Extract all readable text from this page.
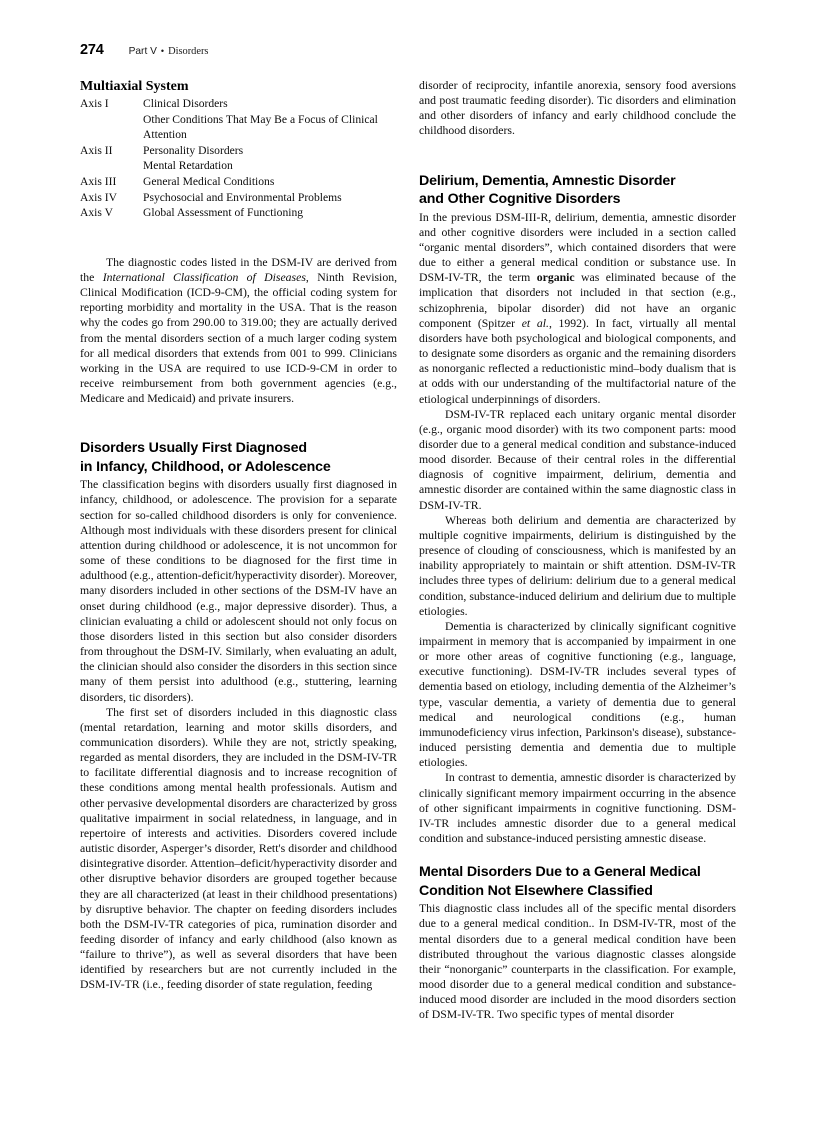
274 Part V • Disorders
Multiaxial System
Axis I	Clinical Disorders
Other Conditions That May Be a Focus of Clinical
Attention
Axis II	Personality Disorders
Mental Retardation
Axis III	General Medical Conditions
Axis IV	Psychosocial and Environmental Problems
Axis V	Global Assessment of Functioning

The diagnostic codes listed in the DSM-IV are derived from the International Classification of Diseases, Ninth Revision, Clinical Modification (ICD-9-CM), the official coding system for reporting morbidity and mortality in the USA. That is the reason why the codes go from 290.00 to 319.00; they are actually derived from the mental disorders section of a much larger coding system for all medical disorders that extends from 001 to 999. Clinicians working in the USA are required to use ICD-9-CM in order to receive reimbursement from both government agencies (e.g., Medicare and Medicaid) and private insurers.

Disorders Usually First Diagnosed
in Infancy, Childhood, or Adolescence

The classification begins with disorders usually first diagnosed in infancy, childhood, or adolescence. The provision for a separate section for so-called childhood disorders is only for convenience. Although most individuals with these disorders present for clinical attention during childhood or adolescence, it is not uncommon for some of these conditions to be diagnosed for the first time in adulthood (e.g., attention-deficit/hyperactivity disorder). Moreover, many disorders included in other sections of the DSM-IV have an onset during childhood (e.g., major depressive disorder). Thus, a clinician evaluating a child or adolescent should not only focus on those disorders listed in this section but also consider disorders from throughout the DSM-IV. Similarly, when evaluating an adult, the clinician should also consider the disorders in this section since many of them persist into adulthood (e.g., stuttering, learning disorders, tic disorders).

The first set of disorders included in this diagnostic class (mental retardation, learning and motor skills disorders, and communication disorders). While they are not, strictly speaking, regarded as mental disorders, they are included in the DSM-IV-TR to facilitate differential diagnosis and to increase recognition of these conditions among mental health professionals. Autism and other pervasive developmental disorders are characterized by gross qualitative impairment in social relatedness, in language, and in repertoire of interests and activities. Disorders covered include autistic disorder, Asperger’s disorder, Rett's disorder and childhood disintegrative disorder. Attention–deficit/hyperactivity disorder and other disruptive behavior disorders are grouped together because they are all characterized (at least in their childhood presentations) by disruptive behavior. The chapter on feeding disorders includes both the DSM-IV-TR categories of pica, rumination disorder and feeding disorder of infancy and early childhood (also known as “failure to thrive”), as well as several disorders that have been identified by researchers but are not currently included in the DSM-IV-TR (i.e., feeding disorder of state regulation, feeding

disorder of reciprocity, infantile anorexia, sensory food aversions and post traumatic feeding disorder). Tic disorders and elimination and other disorders of infancy and early childhood conclude the childhood disorders.

Delirium, Dementia, Amnestic Disorder
and Other Cognitive Disorders

In the previous DSM-III-R, delirium, dementia, amnestic disorder and other cognitive disorders were included in a section called “organic mental disorders”, which contained disorders that were due to either a general medical condition or substance use. In DSM-IV-TR, the term organic was eliminated because of the implication that disorders not included in that section (e.g., schizophrenia, bipolar disorder) did not have an organic component (Spitzer et al., 1992). In fact, virtually all mental disorders have both psychological and biological components, and to designate some disorders as organic and the remaining disorders as nonorganic reflected a reductionistic mind–body dualism that is at odds with our understanding of the multifactorial nature of the etiological underpinnings of disorders.

DSM-IV-TR replaced each unitary organic mental disorder (e.g., organic mood disorder) with its two component parts: mood disorder due to a general medical condition and substance-induced mood disorder. Because of their central roles in the differential diagnosis of cognitive impairment, delirium, dementia and amnestic disorder are contained within the same diagnostic class in DSM-IV-TR.

Whereas both delirium and dementia are characterized by multiple cognitive impairments, delirium is distinguished by the presence of clouding of consciousness, which is manifested by an inability appropriately to maintain or shift attention. DSM-IV-TR includes three types of delirium: delirium due to a general medical condition, substance-induced delirium and delirium due to multiple etiologies.

Dementia is characterized by clinically significant cognitive impairment in memory that is accompanied by impairment in one or more other areas of cognitive functioning (e.g., language, executive functioning). DSM-IV-TR includes several types of dementia based on etiology, including dementia of the Alzheimer’s type, vascular dementia, a variety of dementia due to general medical and neurological conditions (e.g., human immunodeficiency virus infection, Parkinson's disease), substance-induced persisting dementia and dementia due to multiple etiologies.

In contrast to dementia, amnestic disorder is characterized by clinically significant memory impairment occurring in the absence of other significant impairments in cognitive functioning. DSM-IV-TR includes amnestic disorder due to a general medical condition and substance-induced persisting amnestic disease.

Mental Disorders Due to a General Medical
Condition Not Elsewhere Classified

This diagnostic class includes all of the specific mental disorders due to a general medical condition.. In DSM-IV-TR, most of the mental disorders due to a general medical condition have been distributed throughout the various diagnostic classes alongside their “nonorganic” counterparts in the classification. For example, mood disorder due to a general medical condition and substance-induced mood disorder are included in the mood disorders section of DSM-IV-TR. Two specific types of mental disorder
